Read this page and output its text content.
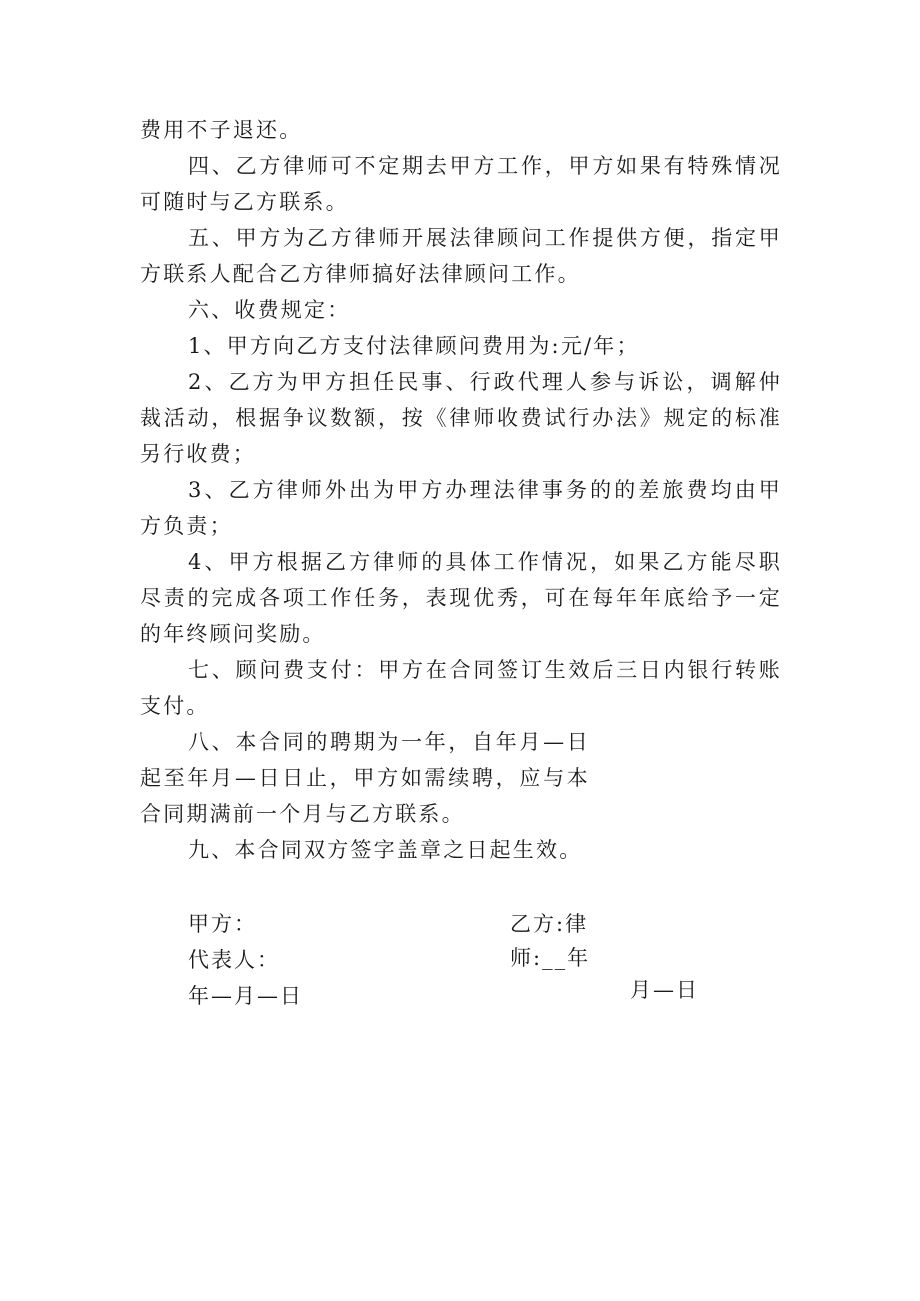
费用不子退还。

四、乙方律师可不定期去甲方工作，甲方如果有特殊情况可随时与乙方联系。

五、甲方为乙方律师开展法律顾问工作提供方便，指定甲方联系人配合乙方律师搞好法律顾问工作。

六、收费规定：

1、甲方向乙方支付法律顾问费用为:元/年；

2、乙方为甲方担任民事、行政代理人参与诉讼，调解仲裁活动，根据争议数额，按《律师收费试行办法》规定的标准另行收费；

3、乙方律师外出为甲方办理法律事务的的差旅费均由甲方负责；

4、甲方根据乙方律师的具体工作情况，如果乙方能尽职尽责的完成各项工作任务，表现优秀，可在每年年底给予一定的年终顾问奖励。

七、顾问费支付：甲方在合同签订生效后三日内银行转账支付。

八、本合同的聘期为一年，自年月—日起至年月—日日止，甲方如需续聘，应与本合同期满前一个月与乙方联系。

九、本合同双方签字盖章之日起生效。

甲方：
代表人：
年—月—日
乙方:律
师:__年
月—日
